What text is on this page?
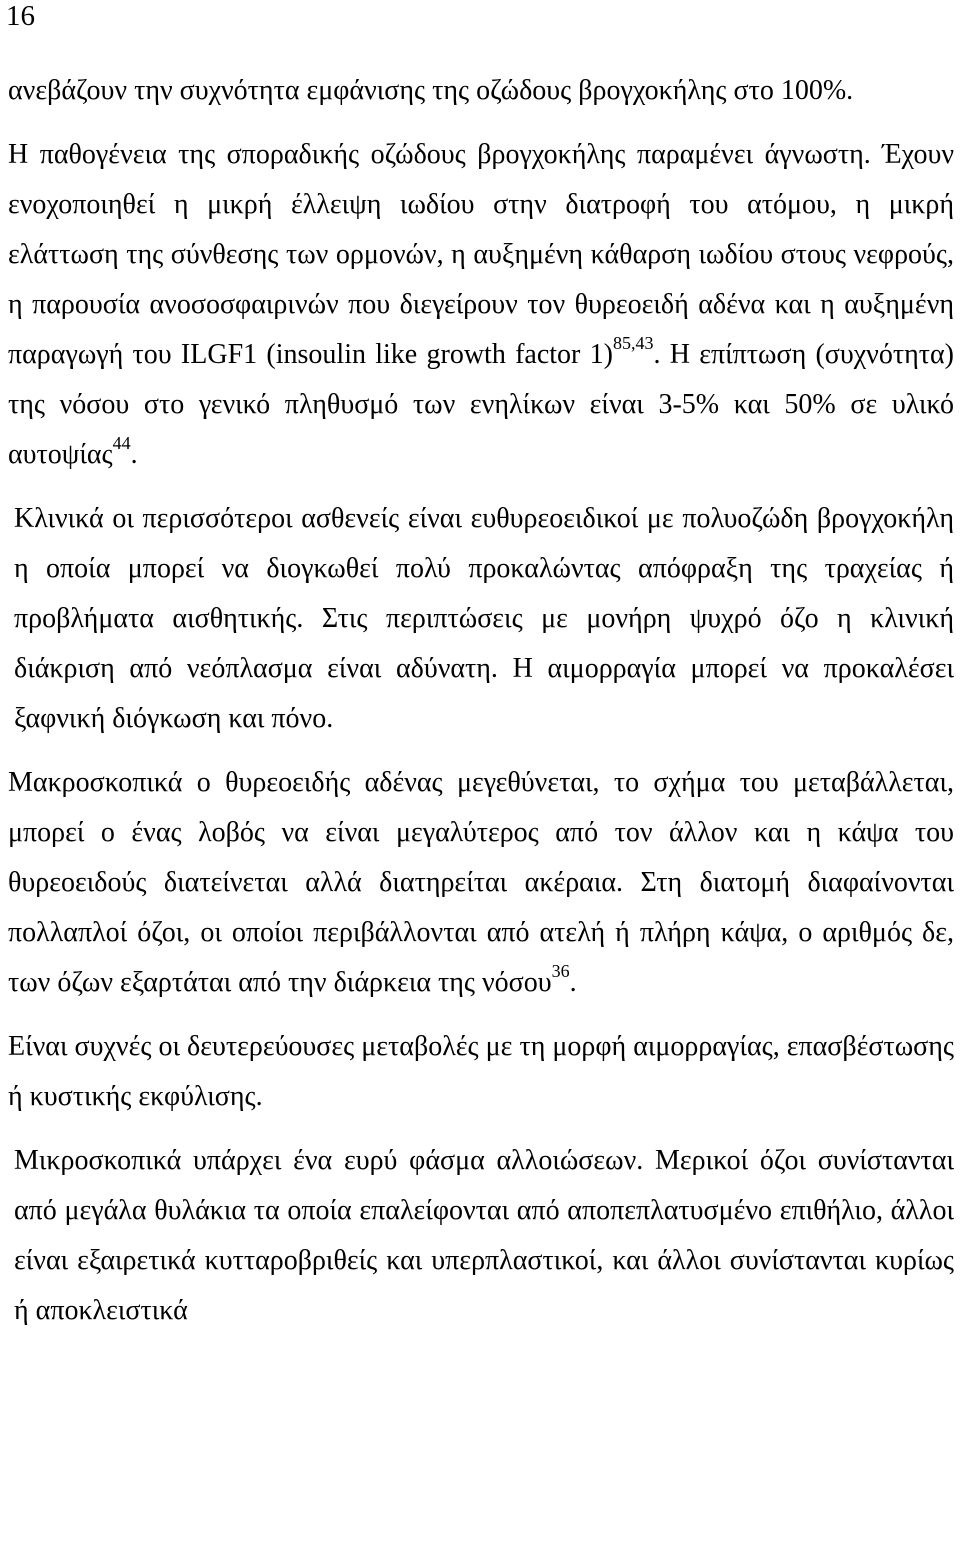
16

ανεβάζουν την συχνότητα εμφάνισης της οζώδους βρογχοκήλης στο 100%.

Η παθογένεια της σποραδικής οζώδους βρογχοκήλης παραμένει άγνωστη. Έχουν ενοχοποιηθεί η μικρή έλλειψη ιωδίου στην διατροφή του ατόμου, η μικρή ελάττωση της σύνθεσης των ορμονών, η αυξημένη κάθαρση ιωδίου στους νεφρούς, η παρουσία ανοσοσφαιρινών που διεγείρουν τον θυρεοειδή αδένα και η αυξημένη παραγωγή του ILGF1 (insoulin like growth factor 1)$^{85,43}$. Η επίπτωση (συχνότητα) της νόσου στο γενικό πληθυσμό των ενηλίκων είναι 3-5% και 50% σε υλικό αυτοψίας$^{44}$.

Κλινικά οι περισσότεροι ασθενείς είναι ευθυρεοειδικοί με πολυοζώδη βρογχοκήλη η οποία μπορεί να διογκωθεί πολύ προκαλώντας απόφραξη της τραχείας ή προβλήματα αισθητικής. Στις περιπτώσεις με μονήρη ψυχρό όζο η κλινική διάκριση από νεόπλασμα είναι αδύνατη. Η αιμορραγία μπορεί να προκαλέσει ξαφνική διόγκωση και πόνο.

Μακροσκοπικά ο θυρεοειδής αδένας μεγεθύνεται, το σχήμα του μεταβάλλεται, μπορεί ο ένας λοβός να είναι μεγαλύτερος από τον άλλον και η κάψα του θυρεοειδούς διατείνεται αλλά διατηρείται ακέραια. Στη διατομή διαφαίνονται πολλαπλοί όζοι, οι οποίοι περιβάλλονται από ατελή ή πλήρη κάψα, ο αριθμός δε, των όζων εξαρτάται από την διάρκεια της νόσου$^{36}$.

Είναι συχνές οι δευτερεύουσες μεταβολές με τη μορφή αιμορραγίας, επασβέστωσης ή κυστικής εκφύλισης.

Μικροσκοπικά υπάρχει ένα ευρύ φάσμα αλλοιώσεων. Μερικοί όζοι συνίστανται από μεγάλα θυλάκια τα οποία επαλείφονται από αποπεπλατυσμένο επιθήλιο, άλλοι είναι εξαιρετικά κυτταροβριθείς και υπερπλαστικοί, και άλλοι συνίστανται κυρίως ή αποκλειστικά
